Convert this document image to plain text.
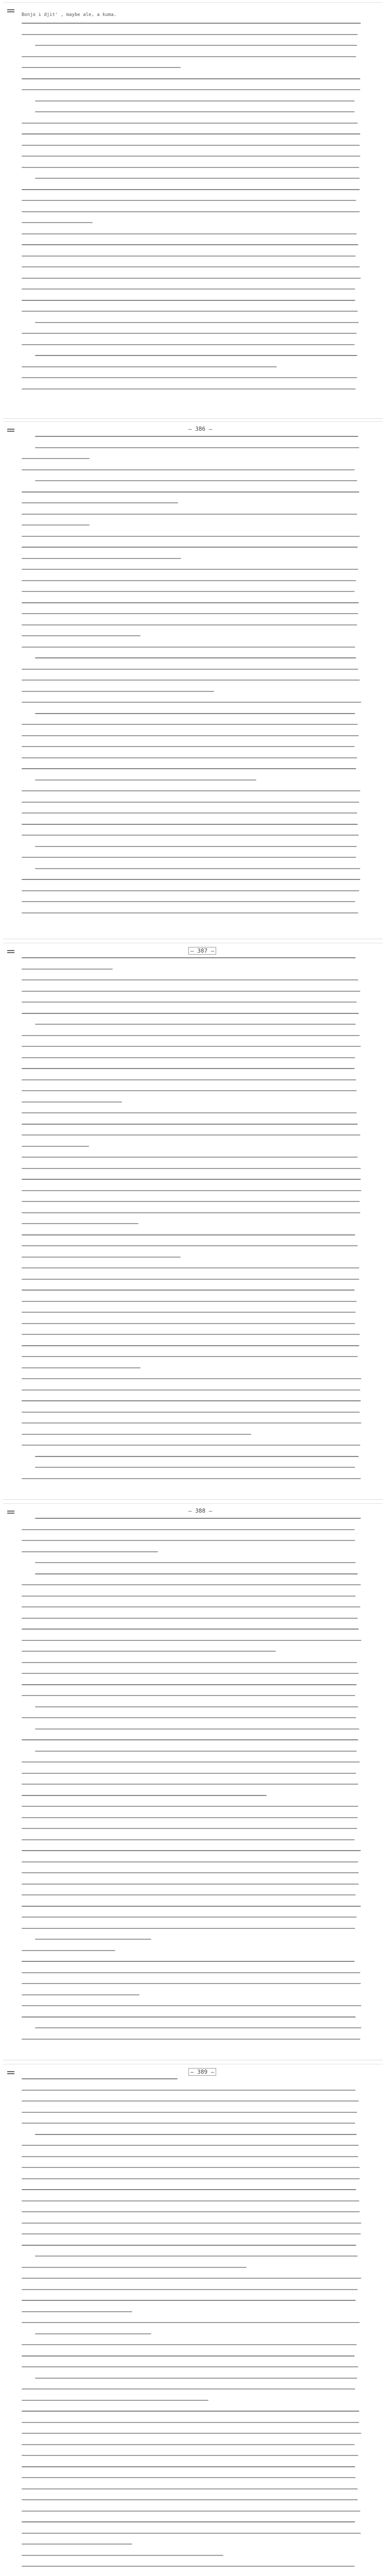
Bonjo i djit' , maybe ale, a kuma.
— 386 —
— 387 —
— 388 —
— 389 —
